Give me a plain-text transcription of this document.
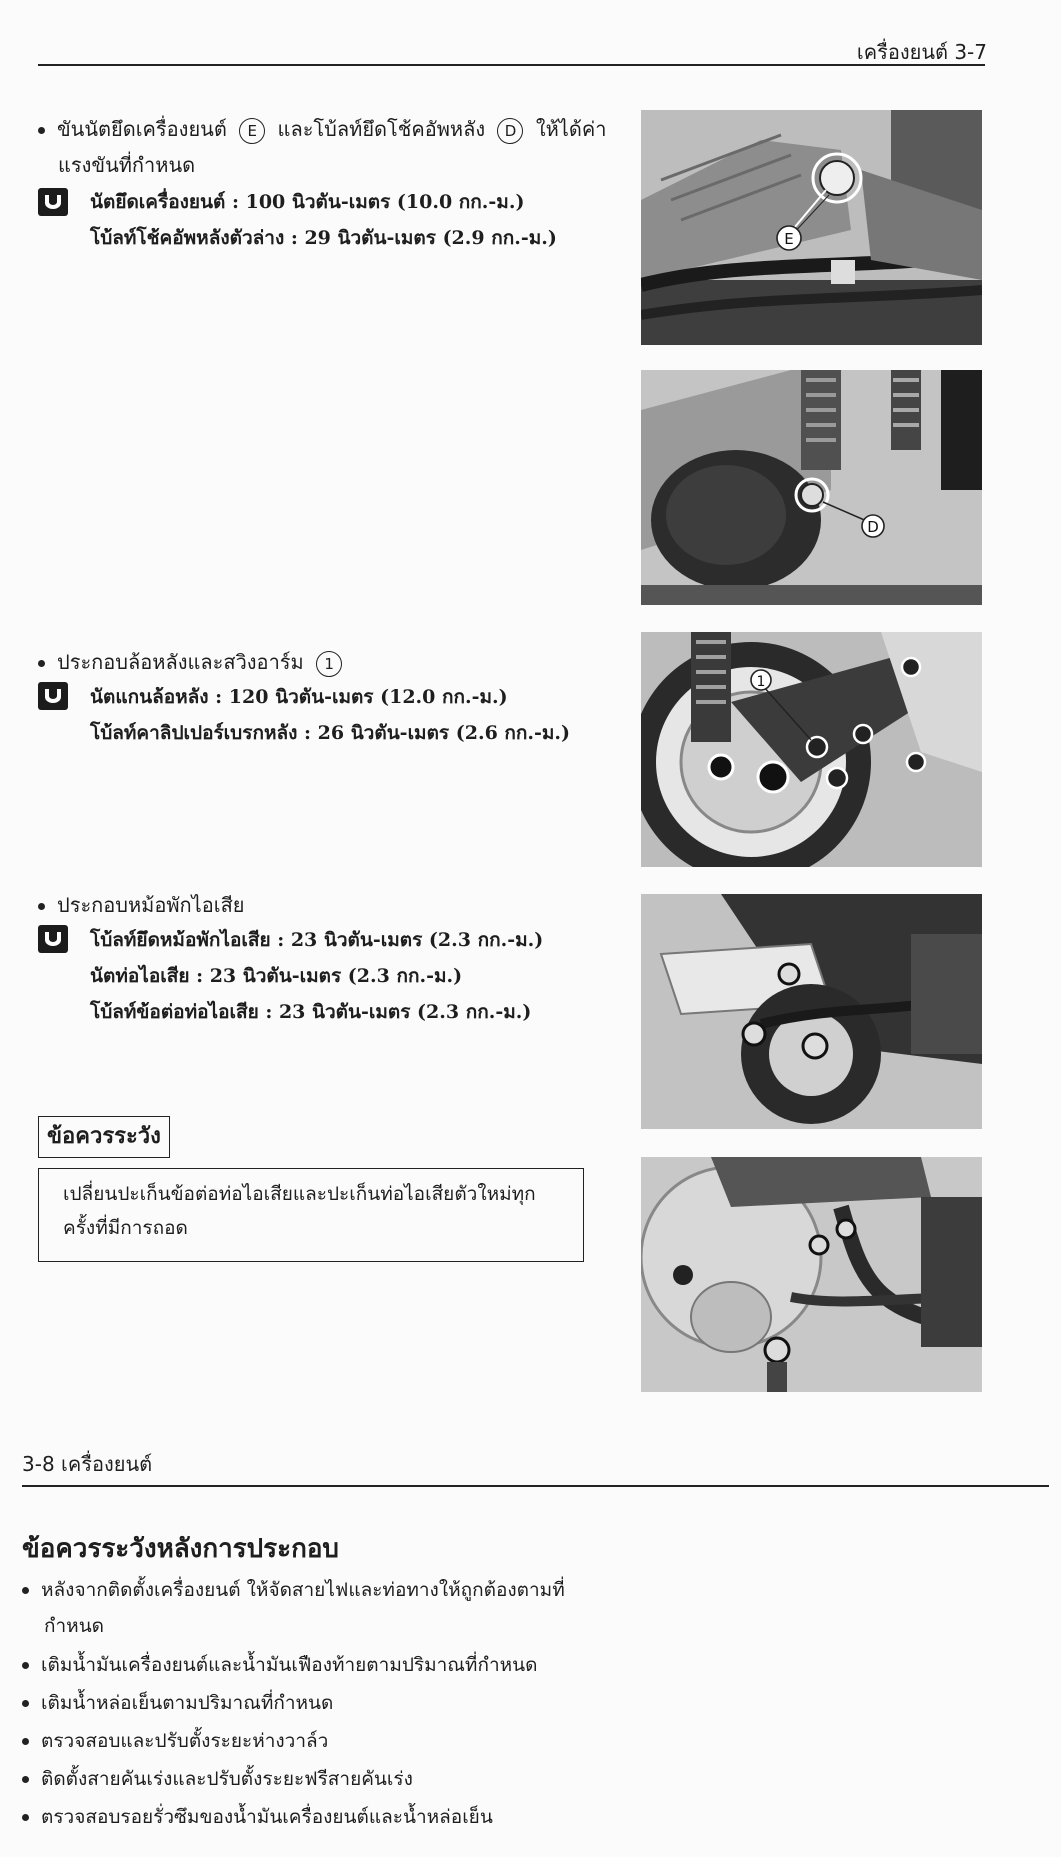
เครื่องยนต์ 3-7
ขันนัตยึดเครื่องยนต์ E และโบ้ลท์ยึดโช้คอัพหลัง D ให้ได้ค่า
แรงขันที่กำหนด
นัตยึดเครื่องยนต์ : 100 นิวตัน-เมตร (10.0 กก.-ม.)
โบ้ลท์โช้คอัพหลังตัวล่าง : 29 นิวตัน-เมตร (2.9 กก.-ม.)
ประกอบล้อหลังและสวิงอาร์ม 1
นัตแกนล้อหลัง : 120 นิวตัน-เมตร (12.0 กก.-ม.)
โบ้ลท์คาลิปเปอร์เบรกหลัง : 26 นิวตัน-เมตร (2.6 กก.-ม.)
ประกอบหม้อพักไอเสีย
โบ้ลท์ยึดหม้อพักไอเสีย : 23 นิวตัน-เมตร (2.3 กก.-ม.)
นัตท่อไอเสีย : 23 นิวตัน-เมตร (2.3 กก.-ม.)
โบ้ลท์ข้อต่อท่อไอเสีย : 23 นิวตัน-เมตร (2.3 กก.-ม.)
ข้อควรระวัง
เปลี่ยนปะเก็นข้อต่อท่อไอเสียและปะเก็นท่อไอเสียตัวใหม่ทุก
ครั้งที่มีการถอด
E
D
1
3-8 เครื่องยนต์
ข้อควรระวังหลังการประกอบ
หลังจากติดตั้งเครื่องยนต์ ให้จัดสายไฟและท่อทางให้ถูกต้องตามที่
กำหนด
เติมน้ำมันเครื่องยนต์และน้ำมันเฟืองท้ายตามปริมาณที่กำหนด
เติมน้ำหล่อเย็นตามปริมาณที่กำหนด
ตรวจสอบและปรับตั้งระยะห่างวาล์ว
ติดตั้งสายคันเร่งและปรับตั้งระยะฟรีสายคันเร่ง
ตรวจสอบรอยรั่วซึมของน้ำมันเครื่องยนต์และน้ำหล่อเย็น
